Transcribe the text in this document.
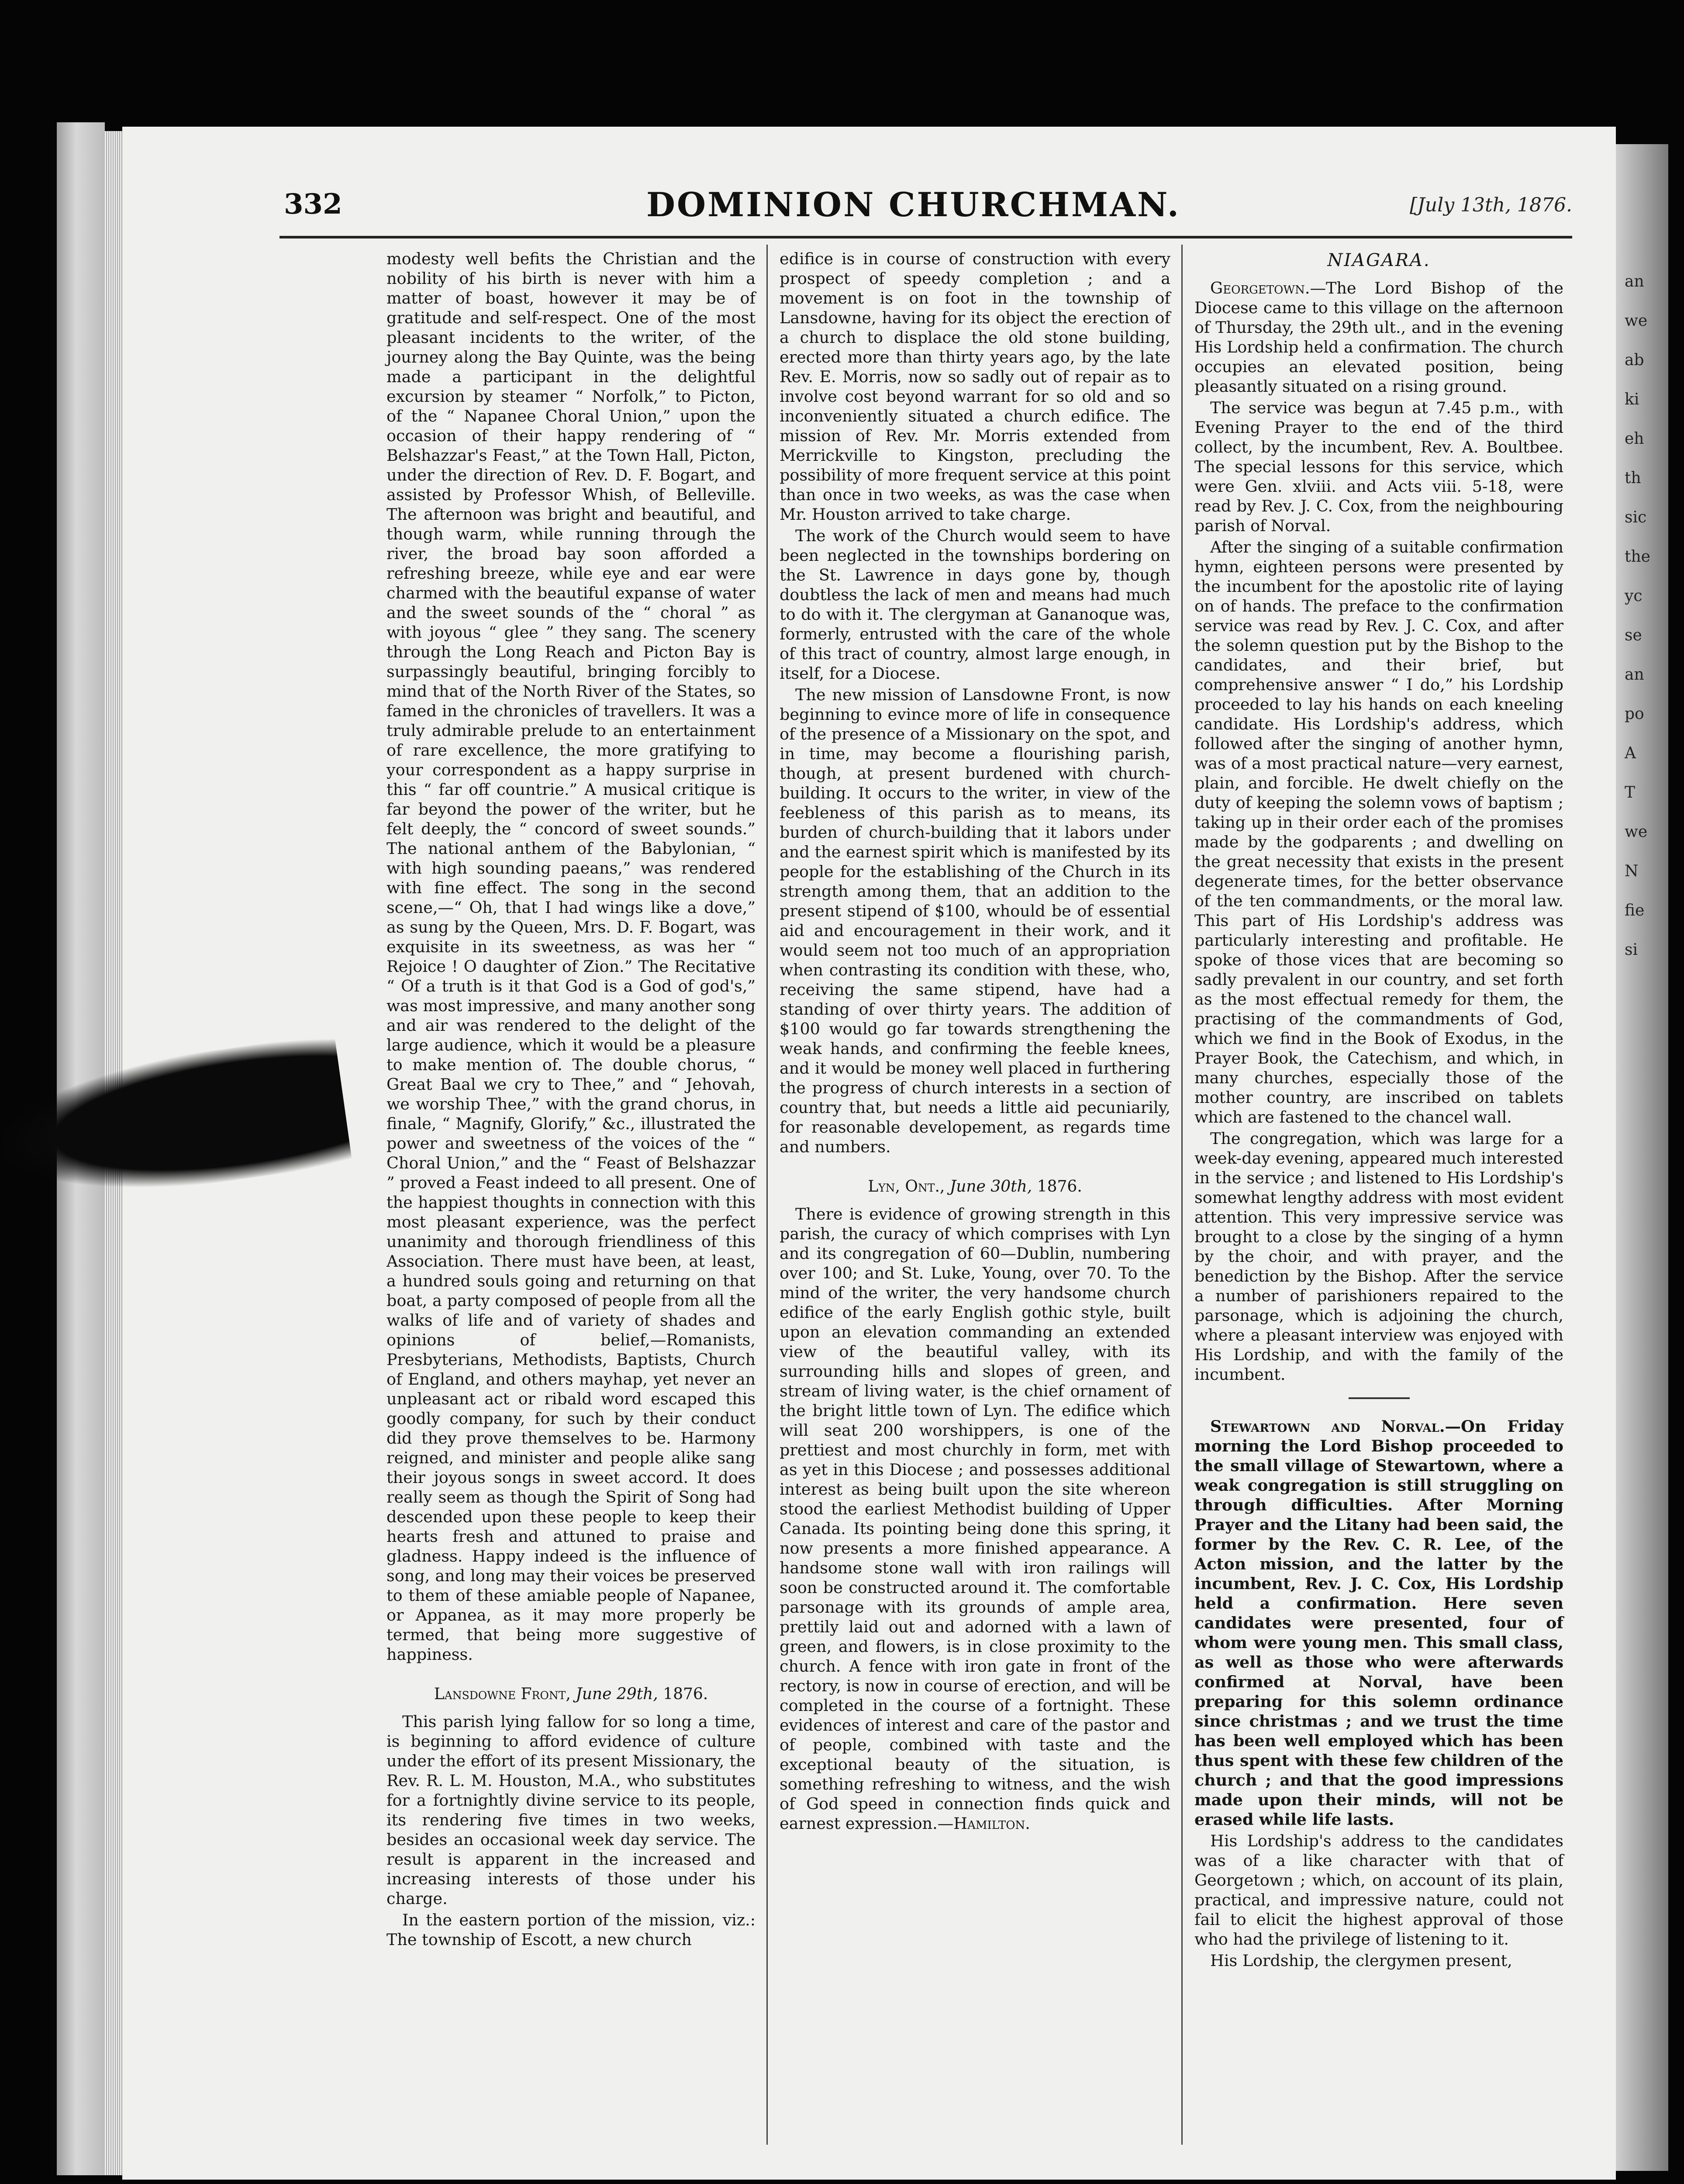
an
we
ab
ki
eh
th
sic
the
yc
se
an
po
A
T
we
N
fie
si
332	DOMINION CHURCHMAN.	[July 13th, 1876.

modesty well befits the Christian and the nobility of his birth is never with him a matter of boast, however it may be of gratitude and self-respect. One of the most pleasant incidents to the writer, of the journey along the Bay Quinte, was the being made a participant in the delightful excursion by steamer “ Norfolk,” to Picton, of the “ Napanee Choral Union,” upon the occasion of their happy rendering of “ Belshazzar's Feast,” at the Town Hall, Picton, under the direction of Rev. D. F. Bogart, and assisted by Professor Whish, of Belleville. The afternoon was bright and beautiful, and though warm, while running through the river, the broad bay soon afforded a refreshing breeze, while eye and ear were charmed with the beautiful expanse of water and the sweet sounds of the “ choral ” as with joyous “ glee ” they sang. The scenery through the Long Reach and Picton Bay is surpassingly beautiful, bringing forcibly to mind that of the North River of the States, so famed in the chronicles of travellers. It was a truly admirable prelude to an entertainment of rare excellence, the more gratifying to your correspondent as a happy surprise in this “ far off countrie.” A musical critique is far beyond the power of the writer, but he felt deeply, the “ concord of sweet sounds.” The national anthem of the Babylonian, “ with high sounding paeans,” was rendered with fine effect. The song in the second scene,—“ Oh, that I had wings like a dove,” as sung by the Queen, Mrs. D. F. Bogart, was exquisite in its sweetness, as was her “ Rejoice ! O daughter of Zion.” The Recitative “ Of a truth is it that God is a God of god's,” was most impressive, and many another song and air was rendered to the delight of the large audience, which it would be a pleasure to make mention of. The double chorus, “ Great Baal we cry to Thee,” and “ Jehovah, we worship Thee,” with the grand chorus, in finale, “ Magnify, Glorify,” &c., illustrated the power and sweetness of the voices of the “ Choral Union,” and the “ Feast of Belshazzar ” proved a Feast indeed to all present. One of the happiest thoughts in connection with this most pleasant experience, was the perfect unanimity and thorough friendliness of this Association. There must have been, at least, a hundred souls going and returning on that boat, a party composed of people from all the walks of life and of variety of shades and opinions of belief,—Romanists, Presbyterians, Methodists, Baptists, Church of England, and others mayhap, yet never an unpleasant act or ribald word escaped this goodly company, for such by their conduct did they prove themselves to be. Harmony reigned, and minister and people alike sang their joyous songs in sweet accord. It does really seem as though the Spirit of Song had descended upon these people to keep their hearts fresh and attuned to praise and gladness. Happy indeed is the influence of song, and long may their voices be preserved to them of these amiable people of Napanee, or Appanea, as it may more properly be termed, that being more suggestive of happiness.

Lansdowne Front, June 29th, 1876.

This parish lying fallow for so long a time, is beginning to afford evidence of culture under the effort of its present Missionary, the Rev. R. L. M. Houston, M.A., who substitutes for a fortnightly divine service to its people, its rendering five times in two weeks, besides an occasional week day service. The result is apparent in the increased and increasing interests of those under his charge.

In the eastern portion of the mission, viz.: The township of Escott, a new church

edifice is in course of construction with every prospect of speedy completion ; and a movement is on foot in the township of Lansdowne, having for its object the erection of a church to displace the old stone building, erected more than thirty years ago, by the late Rev. E. Morris, now so sadly out of repair as to involve cost beyond warrant for so old and so inconveniently situated a church edifice. The mission of Rev. Mr. Morris extended from Merrickville to Kingston, precluding the possibility of more frequent service at this point than once in two weeks, as was the case when Mr. Houston arrived to take charge.

The work of the Church would seem to have been neglected in the townships bordering on the St. Lawrence in days gone by, though doubtless the lack of men and means had much to do with it. The clergyman at Gananoque was, formerly, entrusted with the care of the whole of this tract of country, almost large enough, in itself, for a Diocese.

The new mission of Lansdowne Front, is now beginning to evince more of life in consequence of the presence of a Missionary on the spot, and in time, may become a flourishing parish, though, at present burdened with church-building. It occurs to the writer, in view of the feebleness of this parish as to means, its burden of church-building that it labors under and the earnest spirit which is manifested by its people for the establishing of the Church in its strength among them, that an addition to the present stipend of $100, whould be of essential aid and encouragement in their work, and it would seem not too much of an appropriation when contrasting its condition with these, who, receiving the same stipend, have had a standing of over thirty years. The addition of $100 would go far towards strengthening the weak hands, and confirming the feeble knees, and it would be money well placed in furthering the progress of church interests in a section of country that, but needs a little aid pecuniarily, for reasonable developement, as regards time and numbers.

Lyn, Ont., June 30th, 1876.

There is evidence of growing strength in this parish, the curacy of which comprises with Lyn and its congregation of 60—Dublin, numbering over 100; and St. Luke, Young, over 70. To the mind of the writer, the very handsome church edifice of the early English gothic style, built upon an elevation commanding an extended view of the beautiful valley, with its surrounding hills and slopes of green, and stream of living water, is the chief ornament of the bright little town of Lyn. The edifice which will seat 200 worshippers, is one of the prettiest and most churchly in form, met with as yet in this Diocese ; and possesses additional interest as being built upon the site whereon stood the earliest Methodist building of Upper Canada. Its pointing being done this spring, it now presents a more finished appearance. A handsome stone wall with iron railings will soon be constructed around it. The comfortable parsonage with its grounds of ample area, prettily laid out and adorned with a lawn of green, and flowers, is in close proximity to the church. A fence with iron gate in front of the rectory, is now in course of erection, and will be completed in the course of a fortnight. These evidences of interest and care of the pastor and of people, combined with taste and the exceptional beauty of the situation, is something refreshing to witness, and the wish of God speed in connection finds quick and earnest expression.—Hamilton.

NIAGARA.

Georgetown.—The Lord Bishop of the Diocese came to this village on the afternoon of Thursday, the 29th ult., and in the evening His Lordship held a confirmation. The church occupies an elevated position, being pleasantly situated on a rising ground.

The service was begun at 7.45 p.m., with Evening Prayer to the end of the third collect, by the incumbent, Rev. A. Boultbee. The special lessons for this service, which were Gen. xlviii. and Acts viii. 5-18, were read by Rev. J. C. Cox, from the neighbouring parish of Norval.

After the singing of a suitable confirmation hymn, eighteen persons were presented by the incumbent for the apostolic rite of laying on of hands. The preface to the confirmation service was read by Rev. J. C. Cox, and after the solemn question put by the Bishop to the candidates, and their brief, but comprehensive answer “ I do,” his Lordship proceeded to lay his hands on each kneeling candidate. His Lordship's address, which followed after the singing of another hymn, was of a most practical nature—very earnest, plain, and forcible. He dwelt chiefly on the duty of keeping the solemn vows of baptism ; taking up in their order each of the promises made by the godparents ; and dwelling on the great necessity that exists in the present degenerate times, for the better observance of the ten commandments, or the moral law. This part of His Lordship's address was particularly interesting and profitable. He spoke of those vices that are becoming so sadly prevalent in our country, and set forth as the most effectual remedy for them, the practising of the commandments of God, which we find in the Book of Exodus, in the Prayer Book, the Catechism, and which, in many churches, especially those of the mother country, are inscribed on tablets which are fastened to the chancel wall.

The congregation, which was large for a week-day evening, appeared much interested in the service ; and listened to His Lordship's somewhat lengthy address with most evident attention. This very impressive service was brought to a close by the singing of a hymn by the choir, and with prayer, and the benediction by the Bishop. After the service a number of parishioners repaired to the parsonage, which is adjoining the church, where a pleasant interview was enjoyed with His Lordship, and with the family of the incumbent.

Stewartown and Norval.—On Friday morning the Lord Bishop proceeded to the small village of Stewartown, where a weak congregation is still struggling on through difficulties. After Morning Prayer and the Litany had been said, the former by the Rev. C. R. Lee, of the Acton mission, and the latter by the incumbent, Rev. J. C. Cox, His Lordship held a confirmation. Here seven candidates were presented, four of whom were young men. This small class, as well as those who were afterwards confirmed at Norval, have been preparing for this solemn ordinance since christmas ; and we trust the time has been well employed which has been thus spent with these few children of the church ; and that the good impressions made upon their minds, will not be erased while life lasts.

His Lordship's address to the candidates was of a like character with that of Georgetown ; which, on account of its plain, practical, and impressive nature, could not fail to elicit the highest approval of those who had the privilege of listening to it.

His Lordship, the clergymen present,
